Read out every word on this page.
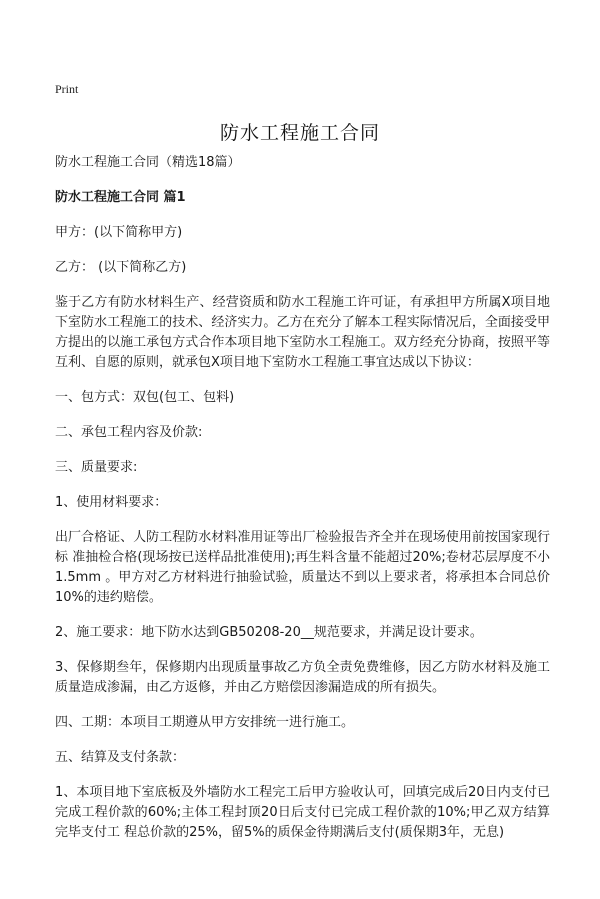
Print
防水工程施工合同

防水工程施工合同（精选18篇）

防水工程施工合同 篇1

甲方：(以下简称甲方)

乙方： (以下简称乙方)

鉴于乙方有防水材料生产、经营资质和防水工程施工许可证，有承担甲方所属X项目地下室防水工程施工的技术、经济实力。乙方在充分了解本工程实际情况后，全面接受甲方提出的以施工承包方式合作本项目地下室防水工程施工。双方经充分协商，按照平等互利、自愿的原则，就承包X项目地下室防水工程施工事宜达成以下协议：

一、包方式：双包(包工、包料)

二、承包工程内容及价款:

三、质量要求:

1、使用材料要求：

出厂合格证、人防工程防水材料准用证等出厂检验报告齐全并在现场使用前按国家现行标 准抽检合格(现场按已送样品批准使用);再生料含量不能超过20%;卷材芯层厚度不小1.5mm 。甲方对乙方材料进行抽验试验，质量达不到以上要求者，将承担本合同总价10%的违约赔偿。

2、施工要求：地下防水达到GB50208-20__规范要求，并满足设计要求。

3、保修期叁年，保修期内出现质量事故乙方负全责免费维修，因乙方防水材料及施工质量造成渗漏，由乙方返修，并由乙方赔偿因渗漏造成的所有损失。

四、工期：本项目工期遵从甲方安排统一进行施工。

五、结算及支付条款：

1、本项目地下室底板及外墙防水工程完工后甲方验收认可，回填完成后20日内支付已完成工程价款的60%;主体工程封顶20日后支付已完成工程价款的10%;甲乙双方结算完毕支付工 程总价款的25%，留5%的质保金待期满后支付(质保期3年，无息)
